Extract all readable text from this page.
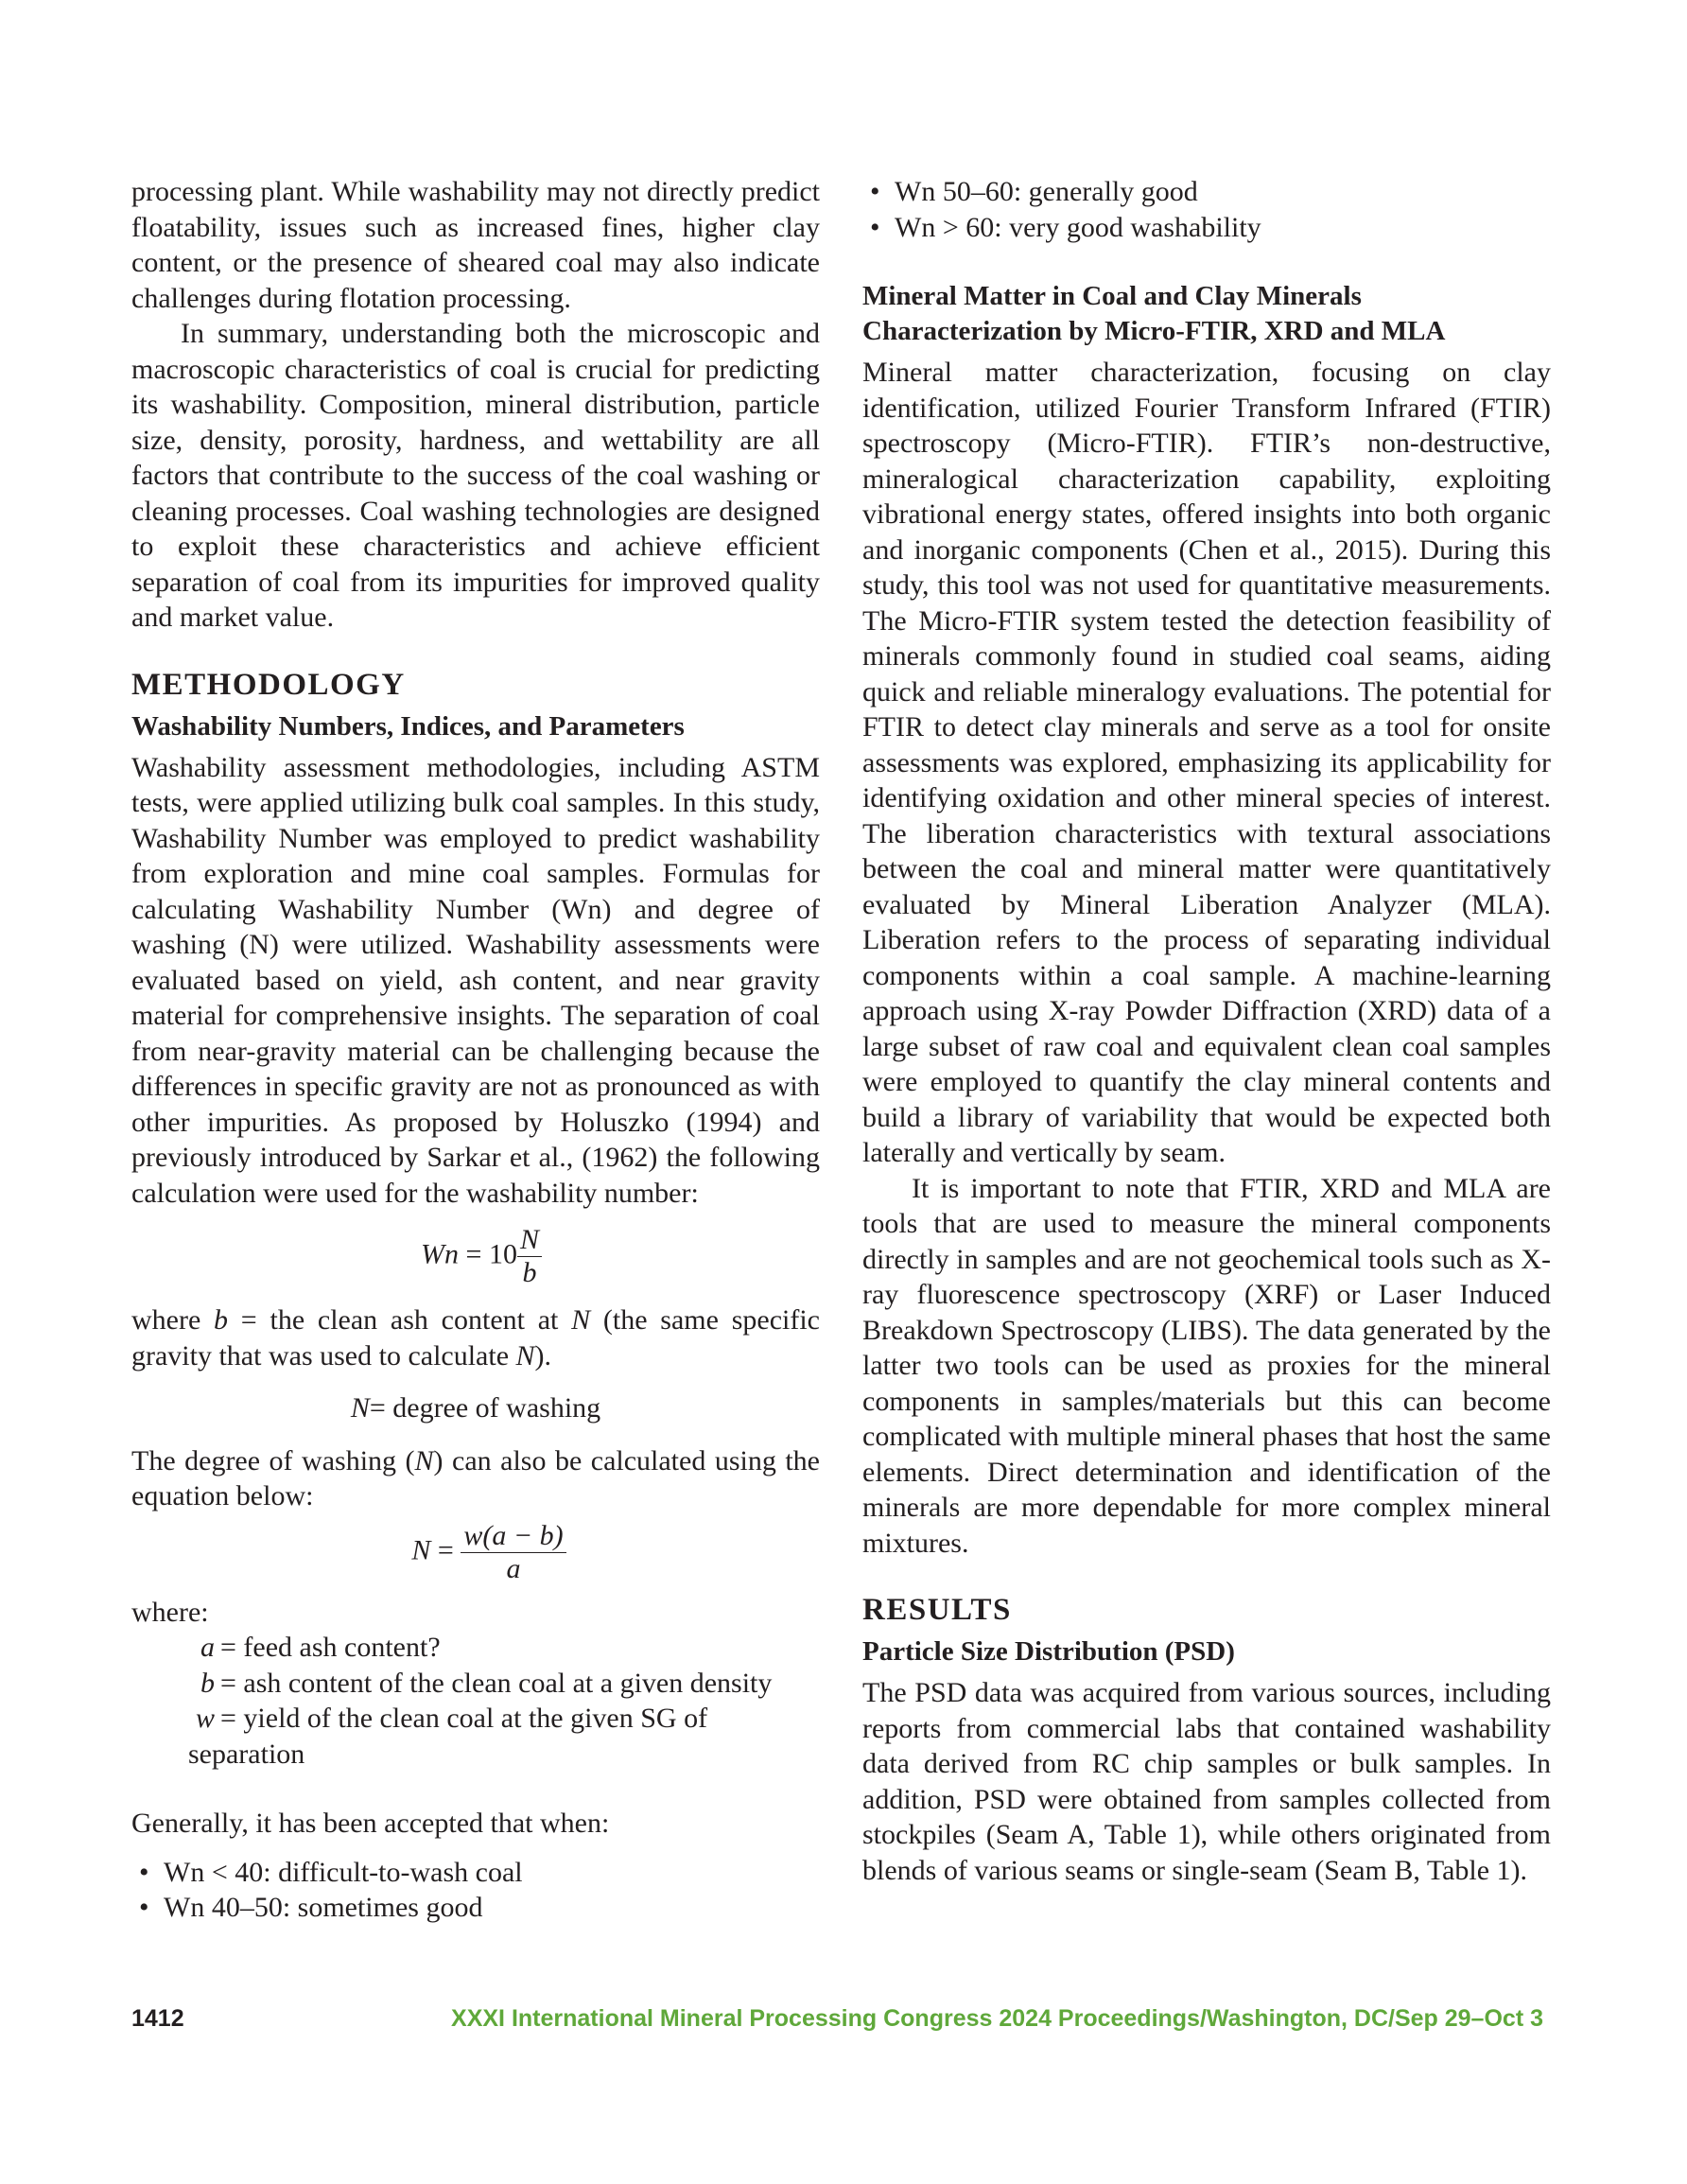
processing plant. While washability may not directly predict floatability, issues such as increased fines, higher clay content, or the presence of sheared coal may also indicate challenges during flotation processing.

In summary, understanding both the microscopic and macroscopic characteristics of coal is crucial for predicting its washability. Composition, mineral distribution, particle size, density, porosity, hardness, and wettability are all factors that contribute to the success of the coal washing or cleaning processes. Coal washing technologies are designed to exploit these characteristics and achieve efficient separation of coal from its impurities for improved quality and market value.

METHODOLOGY
Washability Numbers, Indices, and Parameters

Washability assessment methodologies, including ASTM tests, were applied utilizing bulk coal samples. In this study, Washability Number was employed to predict washability from exploration and mine coal samples. Formulas for calculating Washability Number (Wn) and degree of washing (N) were utilized. Washability assessments were evaluated based on yield, ash content, and near gravity material for comprehensive insights. The separation of coal from near-gravity material can be challenging because the differences in specific gravity are not as pronounced as with other impurities. As proposed by Holuszko (1994) and previously introduced by Sarkar et al., (1962) the following calculation were used for the washability number:

$Wn = 10 \frac{N}{b}$

where b = the clean ash content at N (the same specific gravity that was used to calculate N).

N= degree of washing

The degree of washing (N) can also be calculated using the equation below:

$N = \frac{w(a - b)}{a}$

where:

a = feed ash content?
b = ash content of the clean coal at a given density
w = yield of the clean coal at the given SG of
separation

Generally, it has been accepted that when:

• Wn < 40: difficult-to-wash coal
• Wn 40–50: sometimes good
• Wn 50–60: generally good
• Wn > 60: very good washability
Mineral Matter in Coal and Clay Minerals
Characterization by Micro-FTIR, XRD and MLA

Mineral matter characterization, focusing on clay identification, utilized Fourier Transform Infrared (FTIR) spectroscopy (Micro-FTIR). FTIR’s non-destructive, mineralogical characterization capability, exploiting vibrational energy states, offered insights into both organic and inorganic components (Chen et al., 2015). During this study, this tool was not used for quantitative measurements. The Micro-FTIR system tested the detection feasibility of minerals commonly found in studied coal seams, aiding quick and reliable mineralogy evaluations. The potential for FTIR to detect clay minerals and serve as a tool for onsite assessments was explored, emphasizing its applicability for identifying oxidation and other mineral species of interest. The liberation characteristics with textural associations between the coal and mineral matter were quantitatively evaluated by Mineral Liberation Analyzer (MLA). Liberation refers to the process of separating individual components within a coal sample. A machine-learning approach using X-ray Powder Diffraction (XRD) data of a large subset of raw coal and equivalent clean coal samples were employed to quantify the clay mineral contents and build a library of variability that would be expected both laterally and vertically by seam.

It is important to note that FTIR, XRD and MLA are tools that are used to measure the mineral components directly in samples and are not geochemical tools such as X-ray fluorescence spectroscopy (XRF) or Laser Induced Breakdown Spectroscopy (LIBS). The data generated by the latter two tools can be used as proxies for the mineral components in samples/materials but this can become complicated with multiple mineral phases that host the same elements. Direct determination and identification of the minerals are more dependable for more complex mineral mixtures.

RESULTS
Particle Size Distribution (PSD)

The PSD data was acquired from various sources, including reports from commercial labs that contained washability data derived from RC chip samples or bulk samples. In addition, PSD were obtained from samples collected from stockpiles (Seam A, Table 1), while others originated from blends of various seams or single-seam (Seam B, Table 1).

1412	XXXI International Mineral Processing Congress 2024 Proceedings/Washington, DC/Sep 29–Oct 3
